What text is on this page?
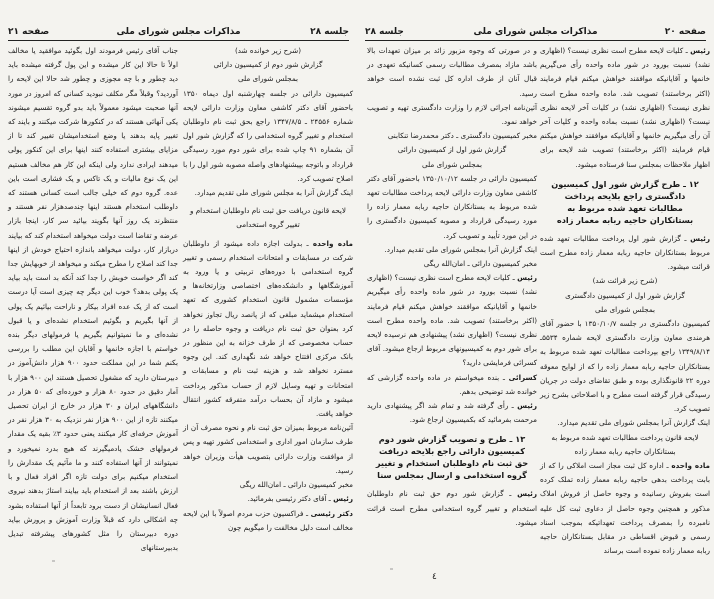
صفحه ۲۱	مذاکرات مجلس شورای ملی	جلسه ۲۸

(شرح زیر خوانده شد)

گزارش شور دوم از کمیسیون دارائی

بمجلس شورای ملی

کمیسیون دارائی در جلسه چهارشنبه اول دیماه ۱۳۵۰ باحضور آقای دکتر کاشفی معاون وزارت دارائی لایحه شماره ۲۴۵۵۶ ـ ۱۳۴۷/۸/۵ راجع بحق ثبت نام داوطلبان استخدام و تغییر گروه استخدامی را که گزارش شور اول آن بشماره ۹۱ چاپ شده برای شور دوم مورد رسیدگی قرارداد و باتوجه بپیشنهادهای واصله مصوبه شور اول را با اصلاح تصویب کرد.

اینک گزارش آنرا به مجلس شورای ملی تقدیم میدارد.

لایحه قانون دریافت حق ثبت نام داوطلبان استخدام و تغییر گروه استخدامی

ماده واحده ـ بدولت اجازه داده میشود از داوطلبان شرکت در مسابقات و امتحانات استخدام رسمی و تغییر گروه استخدامی با دوره‌های تربیتی و یا ورود به آموزشگاهها و دانشکده‌های اختصاصی وزارتخانه‌ها و مؤسسات مشمول قانون استخدام کشوری که تعهد استخدام میشماید مبلغی که از پانصد ریال تجاوز نخواهد کرد بعنوان حق ثبت نام دریافت و وجوه حاصله را در حساب مخصوصی که از طرف خزانه به این منظور در بانک مرکزی افتتاح خواهد شد نگهداری کند. این وجوه مسترد نخواهد شد و هزینه ثبت نام و مسابقات و امتحانات و تهیه وسایل لازم از حساب مذکور پرداخت میشود و مازاد آن بحساب درآمد متفرقه کشور انتقال خواهد یافت.

آئین‌نامه مربوط بمیزان حق ثبت نام و نحوه مصرف آن از طرف سازمان امور اداری و استخدامی کشور تهیه و پس از موافقت وزارت دارائی بتصویب هیأت وزیران خواهد رسید.

مخبر کمیسیون دارائی ـ امان‌الله ریگی

رئیس ـ آقای دکتر رئیسی بفرمائید.

دکتر رئیسی ـ فراکسیون حزب مردم اصولاً با این لایحه مخالف است دلیل مخالفت را میگویم چون

جناب آقای رئیس فرمودند اول بگوئید موافقید یا مخالف اولاً تا حالا این کار میشده و این پول گرفته میشده باید دید چطور و با چه مجوزی و چطور شد حالا این لایحه را آوردید؟ وقبلاً مگر مکلف نبودید کسانی که امروز در مورد آنها صحبت میشود معمولاً باید بدو گروه تقسیم میشوند یکی آنهائی هستند که در کنکورها شرکت میکنند و بایند که تغییر پایه بدهند یا وضع استخدامیشان تغییر کند تا از مزایای بیشتری استفاده کنند اینها برای این کنکور پولی میدهند ایرادی ندارد ولی اینکه این کار هم مخالف هستیم این یک نوع مالیات و یک تاکس و یک فشاری است باین عده. گروه دوم که خیلی جالب است کسانی هستند که داوطلب استخدام هستند اینها چندصدهزار نفر هستند و منتظرند یک روز آنها بگویند بیائید سر کار، اینجا بازار عرضه و تقاضا است دولت میخواهد استخدام کند که بیایند دربازار کار، دولت میخواهد باندازه احتیاج خودش از اینها جدا کند اصلاح را مطرح میکند و میخواهد از خوبهایش جدا کند اگر خواست خوبش را جدا کند آنکه بد است باید بیاید یک پولی بدهد؟ خوب این دیگر چه چیزی است آیا درست است که از یک عده افراد بیکار و ناراحت بیائیم یک پولی از آنها بگیریم و بگوئیم استخدام نشده‌ای و یا قبول نشده‌ای و ما نمیتوانیم بگیریم یا فرمولهای دیگر بنده خواستم با اجازه خانمها و آقایان این مطلب را بررسی بکنم شما در این مملکت حدود ۹۰۰ هزار دانش‌آموز در دبیرستان دارید که مشغول تحصیل هستند این ۹۰۰ هزار با آمار دقیق در حدود ۸۰ هزار و خورده‌ای که ۵۰ هزار در دانشگاههای ایران و ۳۰ هزار در خارج از ایران تحصیل میکنند تازه از این ۹۰۰ هزار نفر نزدیک به ۳۰ هزار نفر در آموزش حرفه‌ای کار میکنند یعنی حدود ۳٪ بقیه یک مقدار فرمولهای خشک یادمیگیرند که هیچ بدرد نمیخورد و نمیتوانند از آنها استفاده کنند و ما مآئیم یک مقدارش را استخدام میکنیم برای دولت تازه اگر افراد فعال و با ارزش باشند بعد از استخدام باید بیایند استاژ بدهند نیروی فعال انسانیشان از دست برود تابعداً از آنها استفاده بشود چه اشکالی دارد که قبلاً وزارت آموزش و پرورش بیاید دوره دبیرستان را مثل کشورهای پیشرفته تبدیل بدبیرستانهای

صفحه ۲۰
مذاکرات مجلس شورای ملی
جلسه ۲۸

رئیس ـ کلیات لایحه مطرح است نظری نیست؟ (اظهاری نشد) نسبت بورود در شور ماده واحده رأی می‌گیریم خانمها و آقایانیکه موافقند خواهش میکنم قیام فرمایند (اکثر برخاستند) تصویب شد. ماده واحده مطرح است نظری نیست؟ (اظهاری نشد) در کلیات آخر لایحه نظری نیست؟ (اظهاری نشد) نسبت بماده واحده و کلیات آخر آن رأی میگیریم خانمها و آقایانیکه موافقند خواهش میکنم قیام فرمایند (اکثر برخاستند) تصویب شد لایحه برای اظهار ملاحظات بمجلس سنا فرستاده میشود.

۱۲ ـ طرح گزارش شور اول کمیسیون دادگستری راجع بلایحه پرداخت مطالبات تعهد شده مربوط به بستانکاران حاجیه ربابه معمار زاده

رئیس ـ گزارش شور اول پرداخت مطالبات تعهد شده مربوط بستانکاران حاجیه ربابه معمار زاده مطرح است قرائت میشود.

(شرح زیر قرائت شد)

گزارش شور اول از کمیسیون دادگستری

بمجلس شورای ملی

کمیسیون دادگستری در جلسه ۱۳۵۰/۱۰/۷ با حضور آقای هرمندی معاون وزارت دادگستری لایحه شماره ۵۵۳۴ـ ۱۳۴۹/۸/۱۴ راجع بپرداخت مطالبات تعهد شده مربوط به بستانکاران حاجیه ربابه معمار زاده را که از لوایح معوقه دوره ۲۲ قانونگذاری بوده و طبق تقاضای دولت در جریان رسیدگی قرار گرفته است مطرح و با اصلاحاتی بشرح زیر تصویب کرد.

اینک گزارش آنرا بمجلس شورای ملی تقدیم میدارد.

لایحه قانون پرداخت مطالبات تعهد شده مربوط به بستانکاران حاجیه ربابه معمار زاده

ماده واحده ـ اداره کل ثبت مجاز است املاکی را که از بابت پرداخت بدهی حاجیه ربابه معمار زاده تملک کرده است بفروش رسانیده و وجوه حاصل از فروش املاک مذکور و همچنین وجوه حاصل از دعاوی ثبت کل علیه نامبرده را بمصرف پرداخت تعهداتیکه بموجب اسناد رسمی و قبوض اقساطی در مقابل بستانکاران حاجیه ربابه معمار زاده نموده است برساند

و در صورتی که وجوه مزبور زائد بر میزان تعهدات بالا باشد مازاد بمصرف مطالبات رسمی کسانیکه تعهدی در قبال آنان از طرف اداره کل ثبت نشده است خواهد رسید.

آئین‌نامه اجرائی لازم را وزارت دادگستری تهیه و تصویب خواهد نمود.

مخبر کمیسیون دادگستری ـ دکتر محمدرضا تنکابنی

گزارش شور اول از کمیسیون دارائی

بمجلس شورای ملی

کمیسیون دارائی در جلسه ۱۳۵۰/۱۰/۱۲ باحضور آقای دکتر کاشفی معاون وزارت دارائی لایحه پرداخت مطالبات تعهد شده مربوط به بستانکاران حاجیه ربابه معمار زاده را مورد رسیدگی قرارداد و مصوبه کمیسیون دادگستری را در این مورد تأیید و تصویب کرد.

اینک گزارش آنرا بمجلس شورای ملی تقدیم میدارد.

مخبر کمیسیون دارائی ـ امان‌الله ریگی

رئیس ـ کلیات لایحه مطرح است نظری نیست؟ (اظهاری نشد) نسبت بورود در شور ماده واحده رأی میگیریم خانمها و آقایانیکه موافقند خواهش میکنم قیام فرمایند (اکثر برخاستند) تصویب شد. ماده واحده مطرح است نظری نیست؟ (اظهاری نشد) پیشنهادی هم نرسیده لایحه برای شور دوم به کمیسیونهای مربوط ارجاع میشود. آقای کسرائی فرمایشی دارید؟

کسرائی ـ بنده میخواستم در ماده واحده گزارشی که خوانده شد توضیحی بدهم.

رئیس ـ رأی گرفته شد و تمام شد اگر پیشنهادی دارید مرحمت بفرمائید که بکمیسیون ارجاع شود.

۱۳ ـ طرح و تصویب گزارش شور دوم کمیسیون دارائی راجع بلایحه دریافت حق ثبت نام داوطلبان استخدام و تغییر گروه استخدامی و ارسال بمجلس سنا

رئیس ـ گزارش شور دوم حق ثبت نام داوطلبان استخدام و تغییر گروه استخدامی مطرح است قرائت میشود.

٤
